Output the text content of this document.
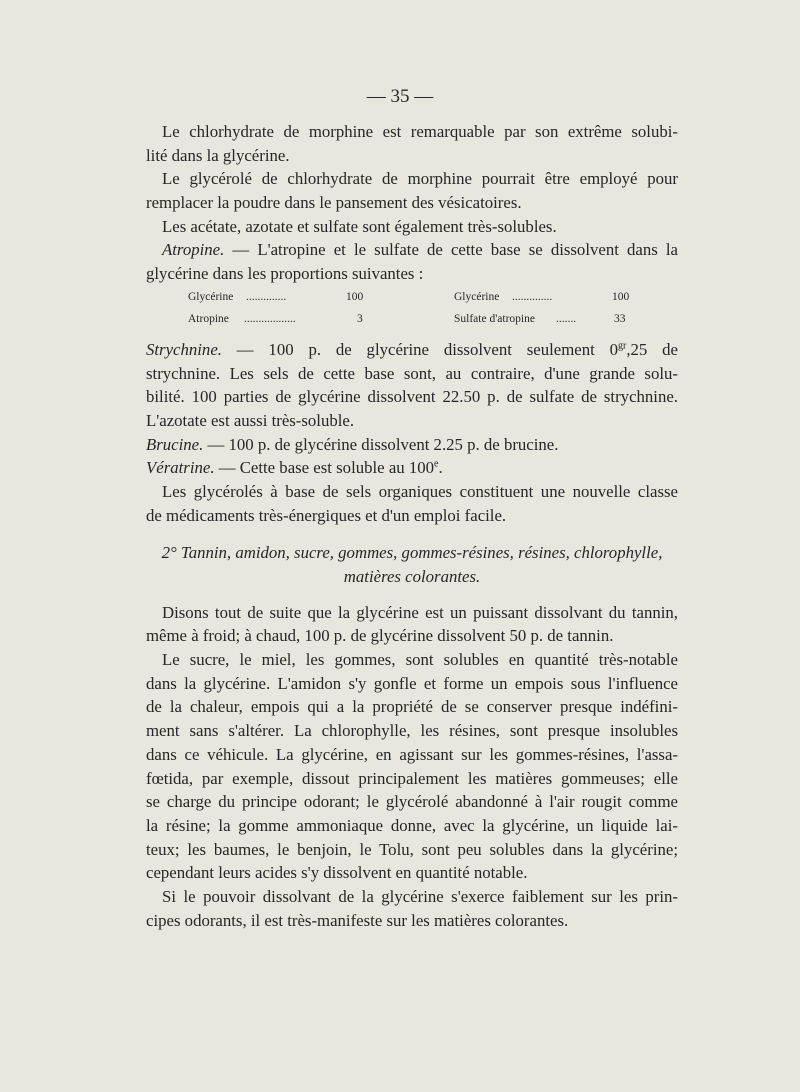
— 35 —
Le chlorhydrate de morphine est remarquable par son extrême solubi-
lité dans la glycérine.
Le glycérolé de chlorhydrate de morphine pourrait être employé pour
remplacer la poudre dans le pansement des vésicatoires.
Les acétate, azotate et sulfate sont également très-solubles.
Atropine. — L'atropine et le sulfate de cette base se dissolvent dans la
glycérine dans les proportions suivantes :
Glycérine ..............	100	Glycérine ..............	100
Atropine ..................	3	Sulfate d'atropine .......	33
Strychnine. — 100 p. de glycérine dissolvent seulement $0^{gr},25$ de
strychnine. Les sels de cette base sont, au contraire, d'une grande solu-
bilité. 100 parties de glycérine dissolvent 22.50 p. de sulfate de strychnine.
L'azotate est aussi très-soluble.
Brucine. — 100 p. de glycérine dissolvent 2.25 p. de brucine.
Vératrine. — Cette base est soluble au 100e.
Les glycérolés à base de sels organiques constituent une nouvelle classe
de médicaments très-énergiques et d'un emploi facile.
2° Tannin, amidon, sucre, gommes, gommes-résines, résines, chlorophylle,
matières colorantes.
Disons tout de suite que la glycérine est un puissant dissolvant du tannin,
même à froid; à chaud, 100 p. de glycérine dissolvent 50 p. de tannin.
Le sucre, le miel, les gommes, sont solubles en quantité très-notable
dans la glycérine. L'amidon s'y gonfle et forme un empois sous l'influence
de la chaleur, empois qui a la propriété de se conserver presque indéfini-
ment sans s'altérer. La chlorophylle, les résines, sont presque insolubles
dans ce véhicule. La glycérine, en agissant sur les gommes-résines, l'assa-
fœtida, par exemple, dissout principalement les matières gommeuses; elle
se charge du principe odorant; le glycérolé abandonné à l'air rougit comme
la résine; la gomme ammoniaque donne, avec la glycérine, un liquide lai-
teux; les baumes, le benjoin, le Tolu, sont peu solubles dans la glycérine;
cependant leurs acides s'y dissolvent en quantité notable.
Si le pouvoir dissolvant de la glycérine s'exerce faiblement sur les prin-
cipes odorants, il est très-manifeste sur les matières colorantes.
